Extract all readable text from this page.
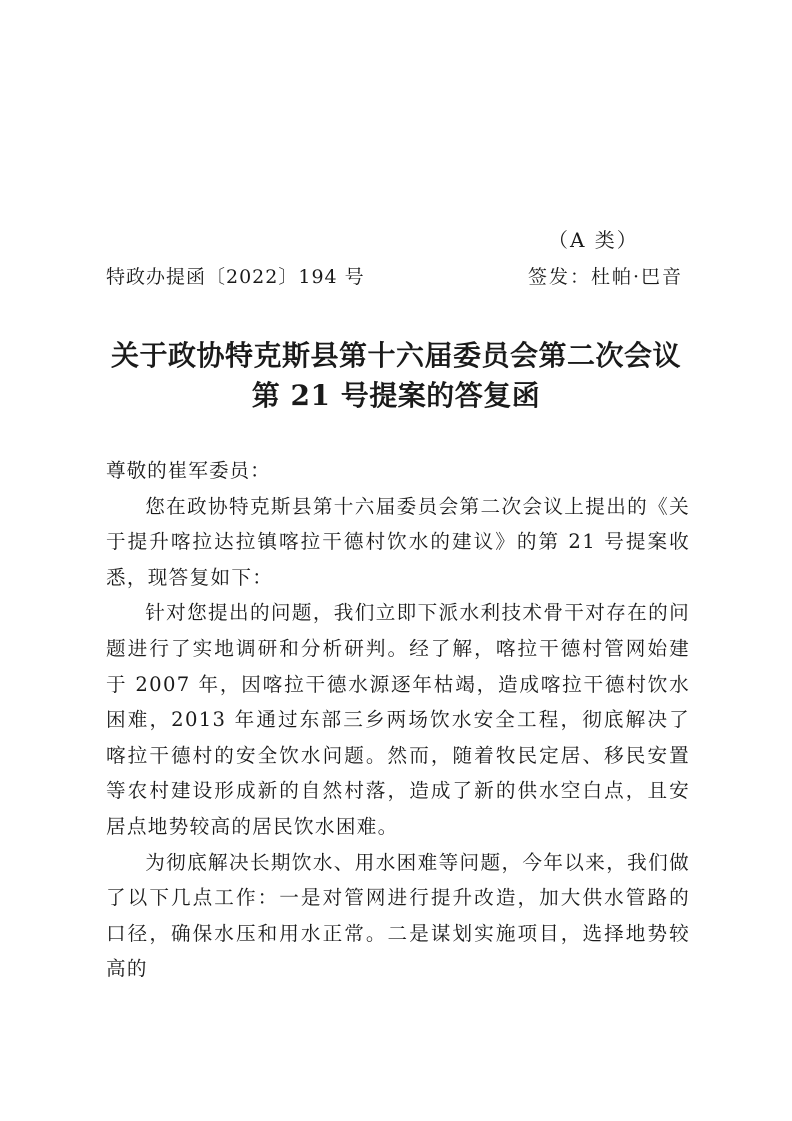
（A 类）
特政办提函〔2022〕194 号	签发：杜帕·巴音
关于政协特克斯县第十六届委员会第二次会议
第 21 号提案的答复函

尊敬的崔军委员：

您在政协特克斯县第十六届委员会第二次会议上提出的《关于提升喀拉达拉镇喀拉干德村饮水的建议》的第 21 号提案收悉，现答复如下：

针对您提出的问题，我们立即下派水利技术骨干对存在的问题进行了实地调研和分析研判。经了解，喀拉干德村管网始建于 2007 年，因喀拉干德水源逐年枯竭，造成喀拉干德村饮水困难，2013 年通过东部三乡两场饮水安全工程，彻底解决了喀拉干德村的安全饮水问题。然而，随着牧民定居、移民安置等农村建设形成新的自然村落，造成了新的供水空白点，且安居点地势较高的居民饮水困难。

为彻底解决长期饮水、用水困难等问题，今年以来，我们做了以下几点工作：一是对管网进行提升改造，加大供水管路的口径，确保水压和用水正常。二是谋划实施项目，选择地势较高的
